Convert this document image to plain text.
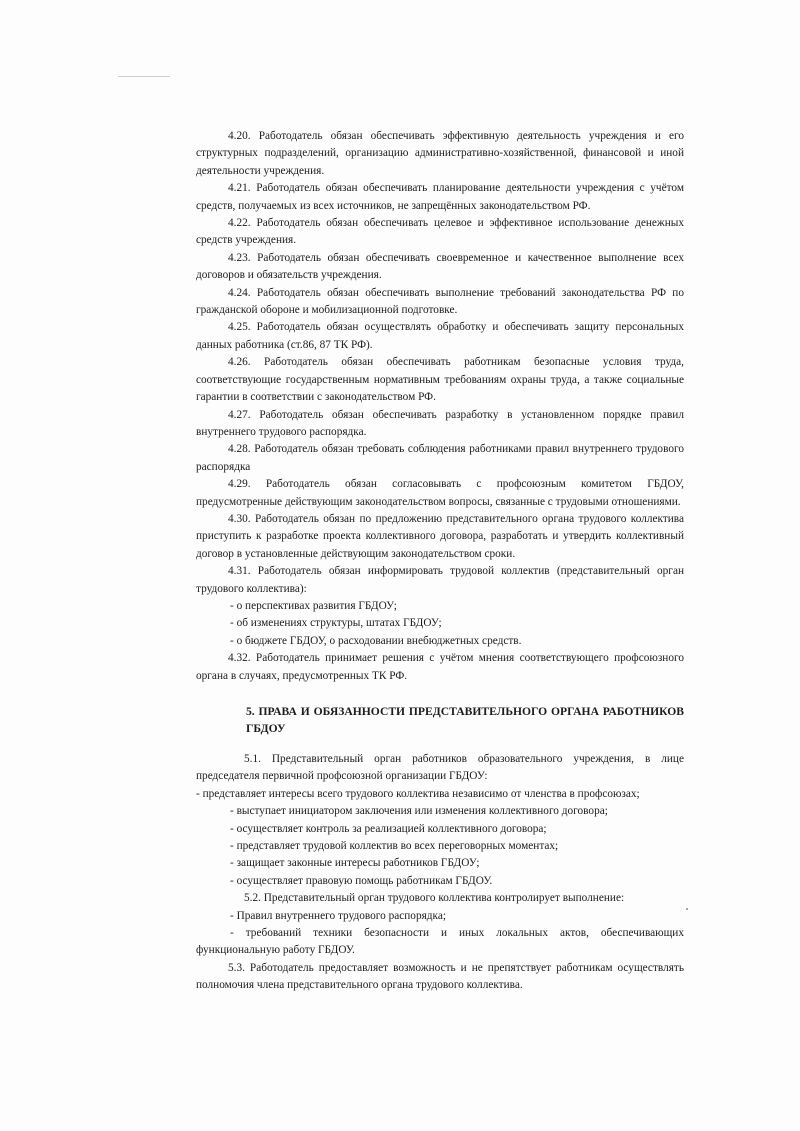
4.20. Работодатель обязан обеспечивать эффективную деятельность учреждения и его структурных подразделений, организацию административно-хозяйственной, финансовой и иной деятельности учреждения.

4.21. Работодатель обязан обеспечивать планирование деятельности учреждения с учётом средств, получаемых из всех источников, не запрещённых законодательством РФ.

4.22. Работодатель обязан обеспечивать целевое и эффективное использование денежных средств учреждения.

4.23. Работодатель обязан обеспечивать своевременное и качественное выполнение всех договоров и обязательств учреждения.

4.24. Работодатель обязан обеспечивать выполнение требований законодательства РФ по гражданской обороне и мобилизационной подготовке.

4.25. Работодатель обязан осуществлять обработку и обеспечивать защиту персональных данных работника (ст.86, 87 ТК РФ).

4.26. Работодатель обязан обеспечивать работникам безопасные условия труда, соответствующие государственным нормативным требованиям охраны труда, а также социальные гарантии в соответствии с законодательством РФ.

4.27. Работодатель обязан обеспечивать разработку в установленном порядке правил внутреннего трудового распорядка.

4.28. Работодатель обязан требовать соблюдения работниками правил внутреннего трудового распорядка

4.29. Работодатель обязан согласовывать с профсоюзным комитетом ГБДОУ, предусмотренные действующим законодательством вопросы, связанные с трудовыми отношениями.

4.30. Работодатель обязан по предложению представительного органа трудового коллектива приступить к разработке проекта коллективного договора, разработать и утвердить коллективный договор в установленные действующим законодательством сроки.

4.31. Работодатель обязан информировать трудовой коллектив (представительный орган трудового коллектива):

- о перспективах развития ГБДОУ;

- об изменениях структуры, штатах ГБДОУ;

- о бюджете ГБДОУ, о расходовании внебюджетных средств.

4.32. Работодатель принимает решения с учётом мнения соответствующего профсоюзного органа в случаях, предусмотренных ТК РФ.

5. ПРАВА И ОБЯЗАННОСТИ ПРЕДСТАВИТЕЛЬНОГО ОРГАНА РАБОТНИКОВ ГБДОУ

5.1. Представительный орган работников образовательного учреждения, в лице председателя первичной профсоюзной организации ГБДОУ:

- представляет интересы всего трудового коллектива независимо от членства в профсоюзах;

- выступает инициатором заключения или изменения коллективного договора;

- осуществляет контроль за реализацией коллективного договора;

- представляет трудовой коллектив во всех переговорных моментах;

- защищает законные интересы работников ГБДОУ;

- осуществляет правовую помощь работникам ГБДОУ.

5.2. Представительный орган трудового коллектива контролирует выполнение:

- Правил внутреннего трудового распорядка;

- требований техники безопасности и иных локальных актов, обеспечивающих функциональную работу ГБДОУ.

5.3. Работодатель предоставляет возможность и не препятствует работникам осуществлять полномочия члена представительного органа трудового коллектива.
